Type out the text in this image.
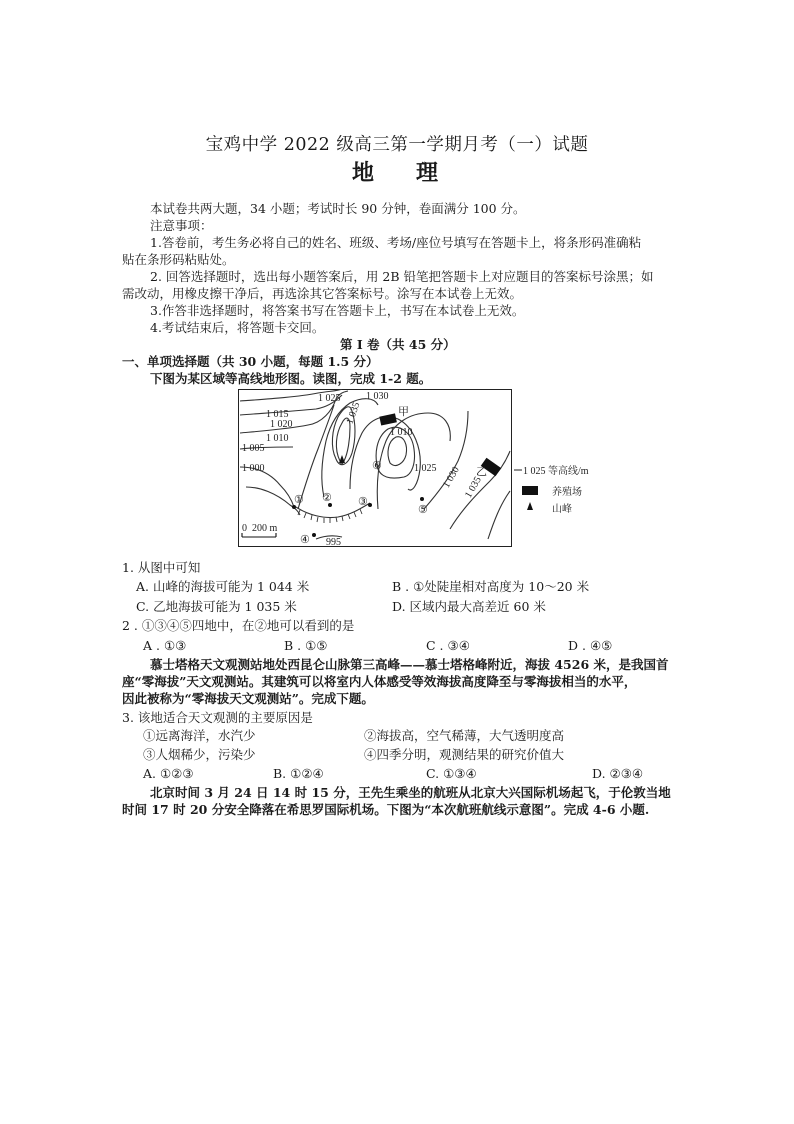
宝鸡中学 2022 级高三第一学期月考（一）试题
地理
本试卷共两大题，34 小题；考试时长 90 分钟，卷面满分 100 分。
注意事项：
1.答卷前，考生务必将自己的姓名、班级、考场/座位号填写在答题卡上，将条形码准确粘
贴在条形码粘贴处。
2. 回答选择题时，选出每小题答案后，用 2B 铅笔把答题卡上对应题目的答案标号涂黑；如
需改动，用橡皮擦干净后，再选涂其它答案标号。涂写在本试卷上无效。
3.作答非选择题时，将答案书写在答题卡上，书写在本试卷上无效。
4.考试结束后，将答题卡交回。
第 I 卷（共 45 分）
一、单项选择题（共 30 小题，每题 1.5 分）
下图为某区域等高线地形图。读图，完成 1-2 题。
1 020
1 025
1 035
1 030
1 015
1 010
1 010
1 005
1 000	1 025 1 030 1 035
995
甲
乙
① ② ③
④
⑤
⑥
0 200 m
1 025 等高线/m
养殖场
山峰
1. 从图中可知
A. 山峰的海拔可能为 1 044 米	B . ①处陡崖相对高度为 10～20 米
C. 乙地海拔可能为 1 035 米	D. 区域内最大高差近 60 米
2 . ①③④⑤四地中，在②地可以看到的是
A . ①③	B . ①⑤	C . ③④	D . ④⑤
慕士塔格天文观测站地处西昆仑山脉第三高峰——慕士塔格峰附近，海拔 4526 米，是我国首
座“零海拔”天文观测站。其建筑可以将室内人体感受等效海拔高度降至与零海拔相当的水平，
因此被称为“零海拔天文观测站”。完成下题。
3. 该地适合天文观测的主要原因是
①远离海洋，水汽少	②海拔高，空气稀薄，大气透明度高
③人烟稀少，污染少	④四季分明，观测结果的研究价值大
A. ①②③	B. ①②④	C. ①③④	D. ②③④
北京时间 3 月 24 日 14 时 15 分，王先生乘坐的航班从北京大兴国际机场起飞，于伦敦当地
时间 17 时 20 分安全降落在希思罗国际机场。下图为“本次航班航线示意图”。完成 4-6 小题.
